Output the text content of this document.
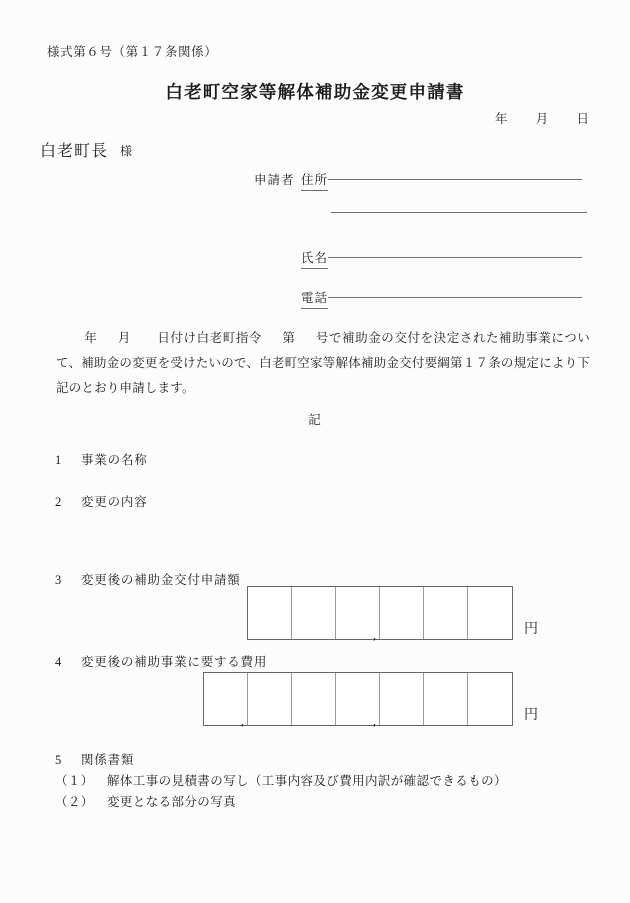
様式第６号（第１７条関係）
白老町空家等解体補助金変更申請書
年 月 日
白老町長 様
申請者 住所
氏名
電話
年 月 日付け白老町指令 第 号で補助金の交付を決定された補助事業について、補助金の変更を受けたいので、白老町空家等解体補助金交付要綱第１７条の規定により下記のとおり申請します。
記
1 事業の名称
2 変更の内容
3 変更後の補助金交付申請額
,	円
4 変更後の補助事業に要する費用
,	,	円
5 関係書類
（１） 解体工事の見積書の写し（工事内容及び費用内訳が確認できるもの）
（２） 変更となる部分の写真
